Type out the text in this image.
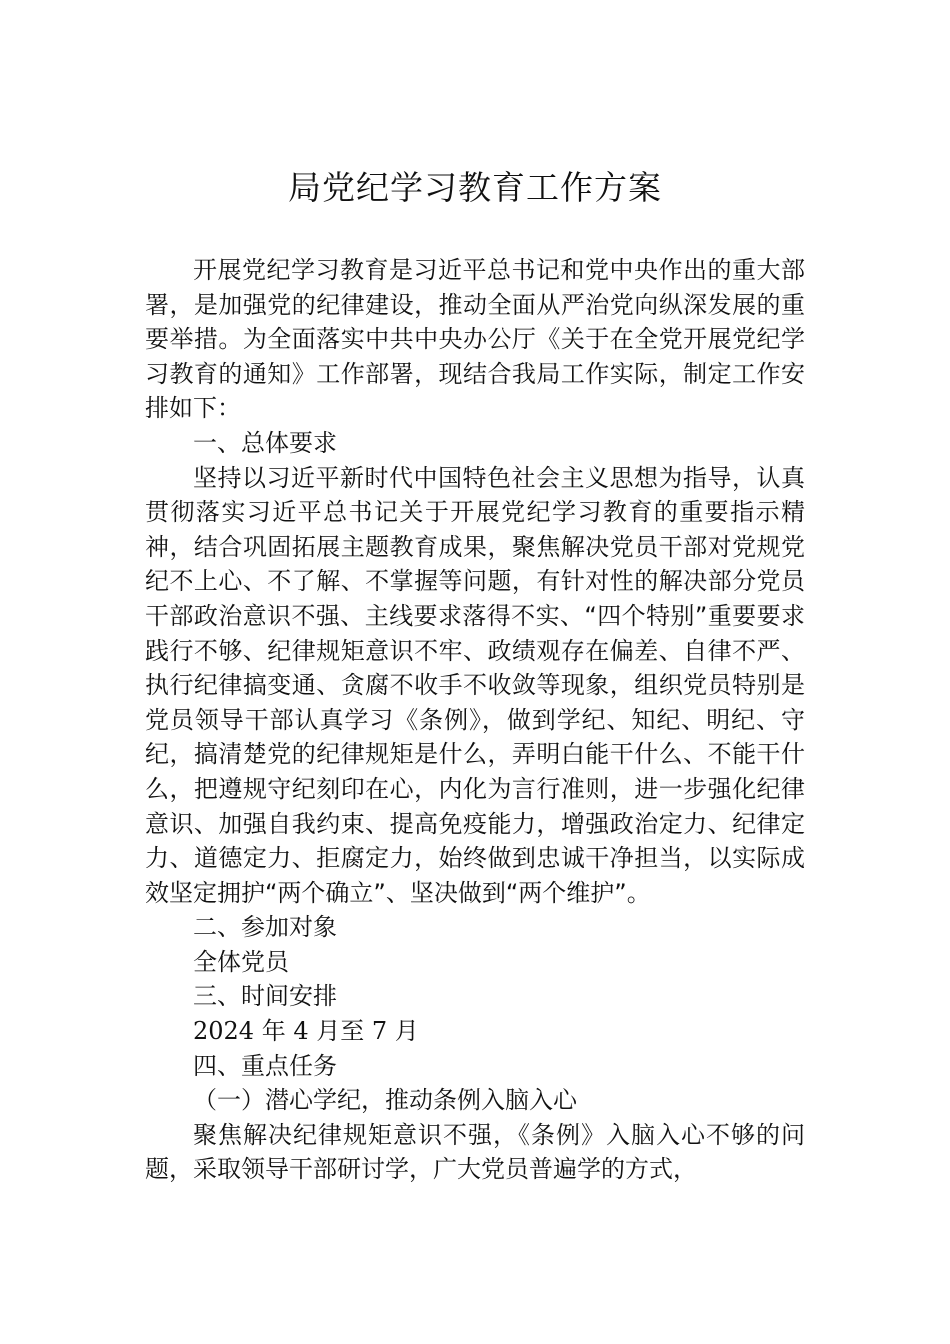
局党纪学习教育工作方案

开展党纪学习教育是习近平总书记和党中央作出的重大部署，是加强党的纪律建设，推动全面从严治党向纵深发展的重要举措。为全面落实中共中央办公厅《关于在全党开展党纪学习教育的通知》工作部署，现结合我局工作实际，制定工作安排如下：

一、总体要求

坚持以习近平新时代中国特色社会主义思想为指导，认真贯彻落实习近平总书记关于开展党纪学习教育的重要指示精神，结合巩固拓展主题教育成果，聚焦解决党员干部对党规党纪不上心、不了解、不掌握等问题，有针对性的解决部分党员干部政治意识不强、主线要求落得不实、“四个特别”重要要求践行不够、纪律规矩意识不牢、政绩观存在偏差、自律不严、执行纪律搞变通、贪腐不收手不收敛等现象，组织党员特别是党员领导干部认真学习《条例》，做到学纪、知纪、明纪、守纪，搞清楚党的纪律规矩是什么，弄明白能干什么、不能干什么，把遵规守纪刻印在心，内化为言行准则，进一步强化纪律意识、加强自我约束、提高免疫能力，增强政治定力、纪律定力、道德定力、拒腐定力，始终做到忠诚干净担当，以实际成效坚定拥护“两个确立”、坚决做到“两个维护”。

二、参加对象

全体党员

三、时间安排

2024 年 4 月至 7 月

四、重点任务

（一）潜心学纪，推动条例入脑入心

聚焦解决纪律规矩意识不强，《条例》入脑入心不够的问题，采取领导干部研讨学，广大党员普遍学的方式，
